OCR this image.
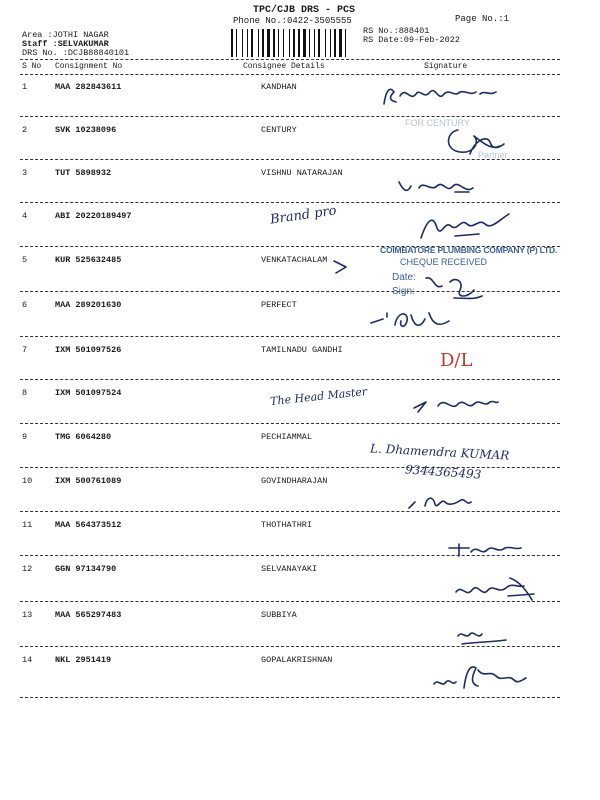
TPC/CJB DRS - PCS
Phone No.:0422-3505555	Page No.:1
RS No.:888401
RS Date:09-Feb-2022
Area :JOTHI NAGAR
Staff :SELVAKUMAR
DRS No. :DCJB88840101
S No Consignment No	Consignee Details	Signature
1	MAA 282843611	KANDHAN
2	SVK 10238096	CENTURY
3	TUT 5898932	VISHNU NATARAJAN
4	ABI 20220189497
5	KUR 525632485	VENKATACHALAM
6	MAA 289201630	PERFECT
7	IXM 501097526	TAMILNADU GANDHI
8	IXM 501097524
9	TMG 6064280	PECHIAMMAL
10	IXM 500761089	GOVINDHARAJAN
11	MAA 564373512	THOTHATHRI
12	GGN 97134790	SELVANAYAKI
13	MAA 565297483	SUBBIYA
14	NKL 2951419	GOPALAKRISHNAN
FOR CENTURY
Partner
COIMBATORE PLUMBING COMPANY (P) LTD.
CHEQUE RECEIVED
Date:
Sign:
Brand pro
D/L
The Head Master
L. Dhamendra KUMAR
9344365493
